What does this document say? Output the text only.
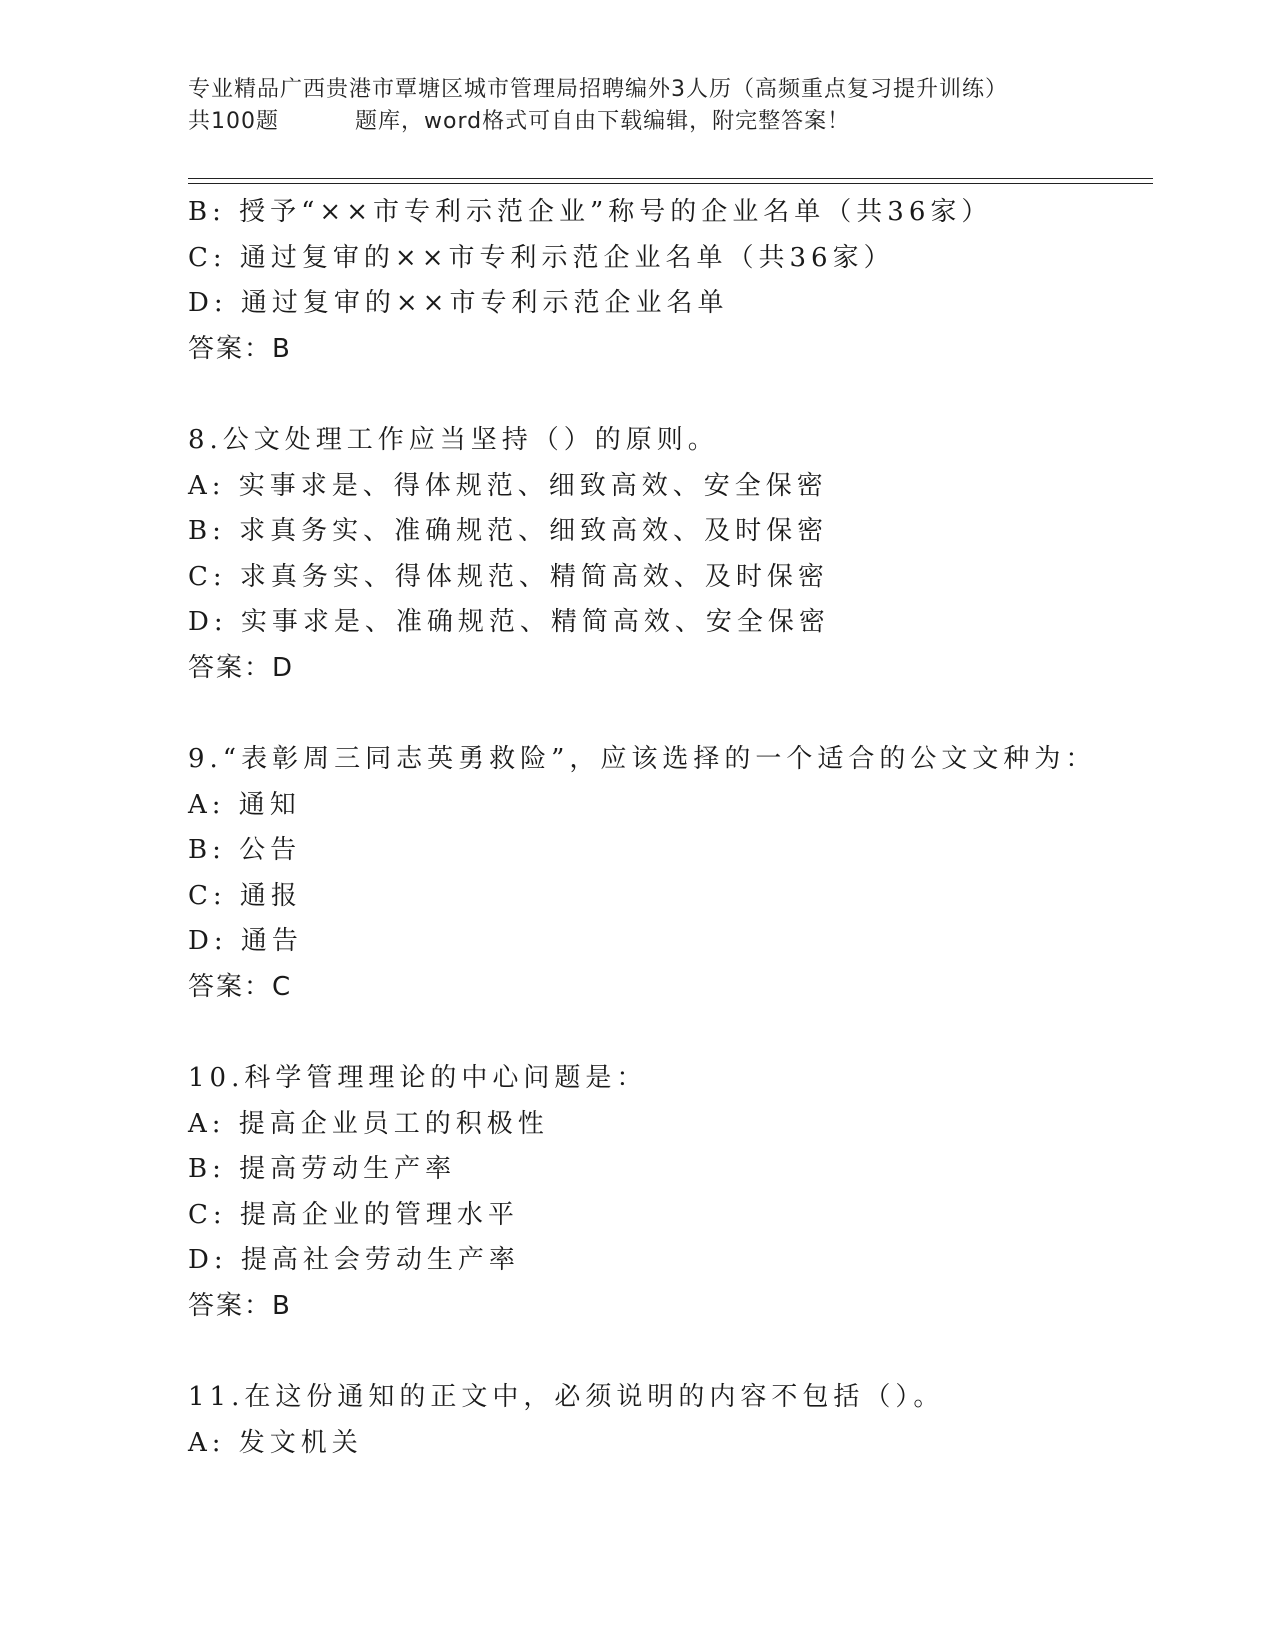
专业精品广西贵港市覃塘区城市管理局招聘编外3人历（高频重点复习提升训练）
共100题	题库，word格式可自由下载编辑，附完整答案！
B: 授予“××市专利示范企业”称号的企业名单（共36家）
C: 通过复审的××市专利示范企业名单（共36家）
D: 通过复审的××市专利示范企业名单
答案：B
8.公文处理工作应当坚持（）的原则。
A: 实事求是、得体规范、细致高效、安全保密
B: 求真务实、准确规范、细致高效、及时保密
C: 求真务实、得体规范、精简高效、及时保密
D: 实事求是、准确规范、精简高效、安全保密
答案：D
9.“表彰周三同志英勇救险”，应该选择的一个适合的公文文种为：
A: 通知
B: 公告
C: 通报
D: 通告
答案：C
10.科学管理理论的中心问题是：
A: 提高企业员工的积极性
B: 提高劳动生产率
C: 提高企业的管理水平
D: 提高社会劳动生产率
答案：B
11.在这份通知的正文中，必须说明的内容不包括（）。
A: 发文机关
